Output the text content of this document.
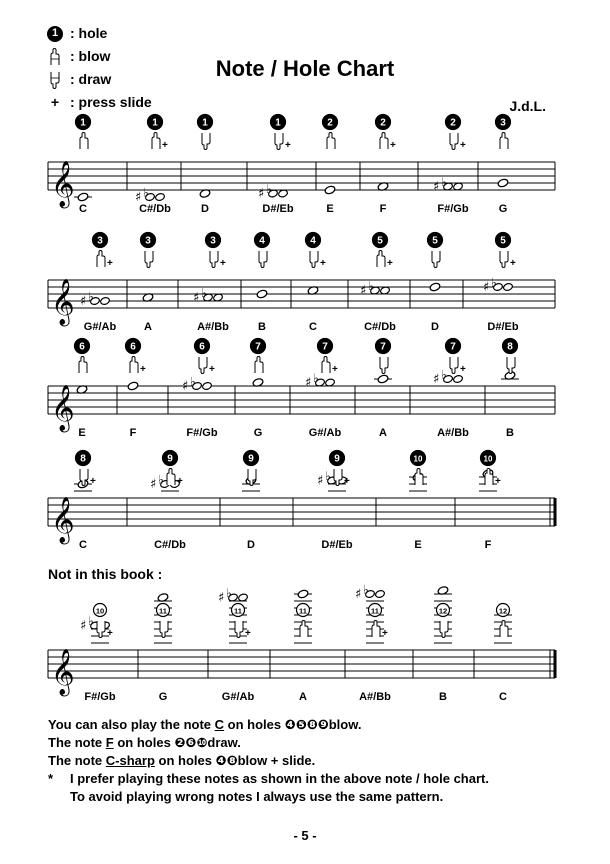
1 : hole
: blow
: draw
+ : press slide
Note / Hole Chart
J.d.L.
𝄞
1
C
♯ ♭
+
1
C#/Db
1
D
♯ ♭
+
1
D#/Eb
2
E
+
2
F
♯ ♭
+
2
F#/Gb
3
G
𝄞 ♯ ♭
+
3
G#/Ab
3
A
♯ ♭
+
3
A#/Bb
4
B
+
4
C
♯ ♭
+
5
C#/Db
5
D
♯ ♭
+
5
D#/Eb
𝄞
6
E
+
6
F
♯ ♭
+
6
F#/Gb
7
G
♯ ♭
+
7
G#/Ab
7
A
♯ ♭ +
7
A#/Bb
8
B
𝄞
+
8
C
♯ ♭ +
9
C#/Db
9
D
♯ ♭ +
9
D#/Eb
10
E
+
10
F
Not in this book :
𝄞
♯ ♭
+
10
F#/Gb
11
G
♯ ♭
+
11
G#/Ab
11
A
♯ ♭
+
11
A#/Bb
12
B
12
C
You can also play the note C on holes ❹❺❽❾blow.
The note F on holes ❷❻❿draw.
The note C-sharp on holes ❹❽blow + slide.
*	I prefer playing these notes as shown in the above note / hole chart.
To avoid playing wrong notes I always use the same pattern.
- 5 -
